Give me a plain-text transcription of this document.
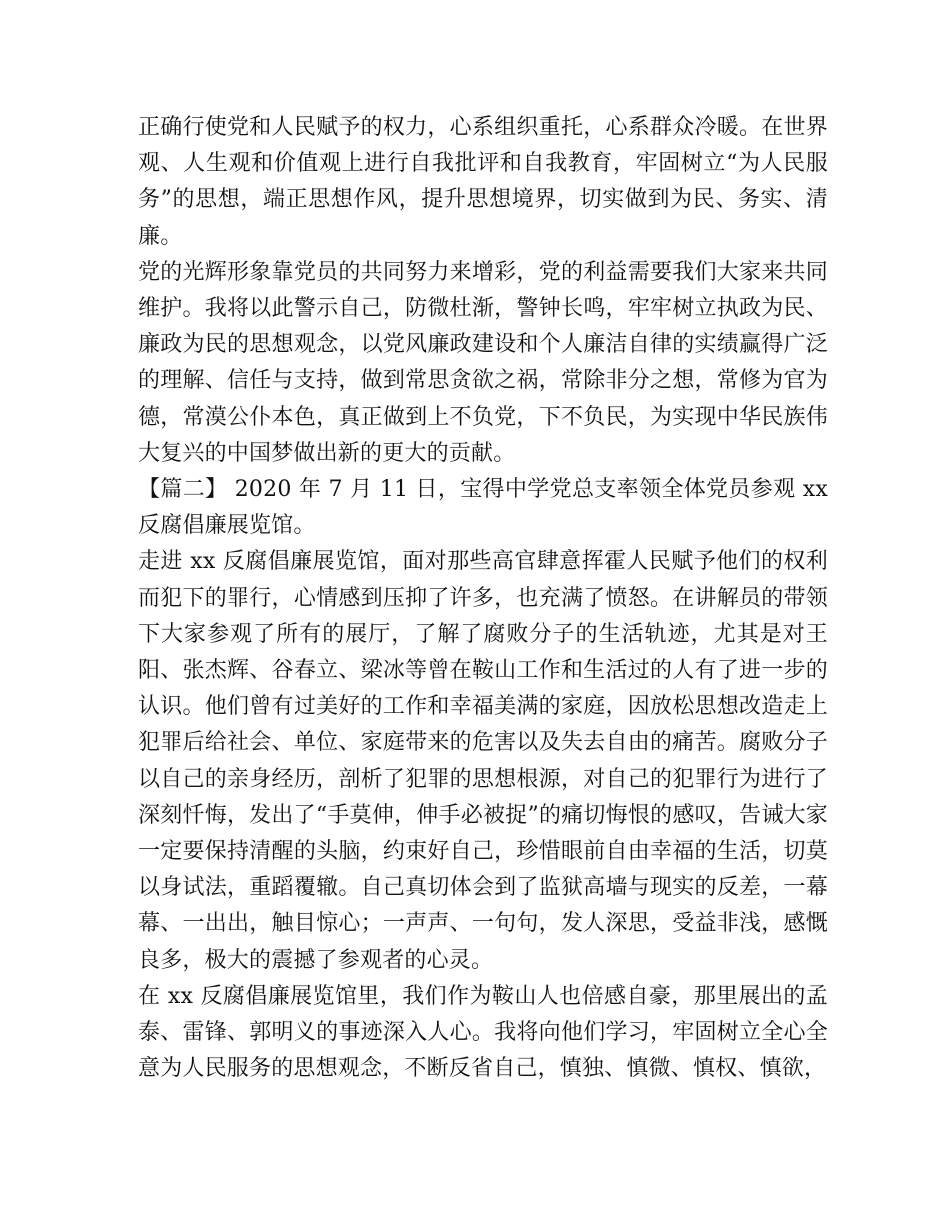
正确行使党和人民赋予的权力，心系组织重托，心系群众冷暖。在世界观、人生观和价值观上进行自我批评和自我教育，牢固树立“为人民服务”的思想，端正思想作风，提升思想境界，切实做到为民、务实、清廉。

党的光辉形象靠党员的共同努力来增彩，党的利益需要我们大家来共同维护。我将以此警示自己，防微杜渐，警钟长鸣，牢牢树立执政为民、廉政为民的思想观念，以党风廉政建设和个人廉洁自律的实绩赢得广泛的理解、信任与支持，做到常思贪欲之祸，常除非分之想，常修为官为德，常漠公仆本色，真正做到上不负党，下不负民，为实现中华民族伟大复兴的中国梦做出新的更大的贡献。

【篇二】 2020 年 7 月 11 日，宝得中学党总支率领全体党员参观 xx 反腐倡廉展览馆。

走进 xx 反腐倡廉展览馆，面对那些高官肆意挥霍人民赋予他们的权利而犯下的罪行，心情感到压抑了许多，也充满了愤怒。在讲解员的带领下大家参观了所有的展厅，了解了腐败分子的生活轨迹，尤其是对王阳、张杰辉、谷春立、梁冰等曾在鞍山工作和生活过的人有了进一步的认识。他们曾有过美好的工作和幸福美满的家庭，因放松思想改造走上犯罪后给社会、单位、家庭带来的危害以及失去自由的痛苦。腐败分子以自己的亲身经历，剖析了犯罪的思想根源，对自己的犯罪行为进行了深刻忏悔，发出了“手莫伸，伸手必被捉”的痛切悔恨的感叹，告诫大家一定要保持清醒的头脑，约束好自己，珍惜眼前自由幸福的生活，切莫以身试法，重蹈覆辙。自己真切体会到了监狱高墙与现实的反差，一幕幕、一出出，触目惊心；一声声、一句句，发人深思，受益非浅，感慨良多，极大的震撼了参观者的心灵。

在 xx 反腐倡廉展览馆里，我们作为鞍山人也倍感自豪，那里展出的孟泰、雷锋、郭明义的事迹深入人心。我将向他们学习，牢固树立全心全意为人民服务的思想观念，不断反省自己，慎独、慎微、慎权、慎欲，
